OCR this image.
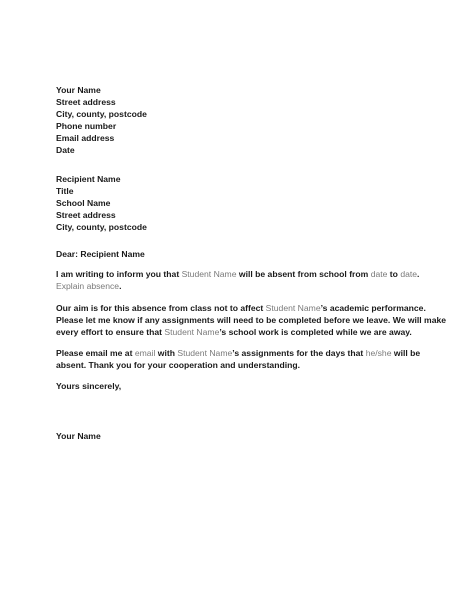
Your Name
Street address
City, county, postcode
Phone number
Email address
Date
Recipient Name
Title
School Name
Street address
City, county, postcode
Dear: Recipient Name
I am writing to inform you that Student Name will be absent from school from date to date.
Explain absence.
Our aim is for this absence from class not to affect Student Name’s academic performance.
Please let me know if any assignments will need to be completed before we leave. We will make
every effort to ensure that Student Name’s school work is completed while we are away.
Please email me at email with Student Name’s assignments for the days that he/she will be
absent. Thank you for your cooperation and understanding.
Yours sincerely,
Your Name
